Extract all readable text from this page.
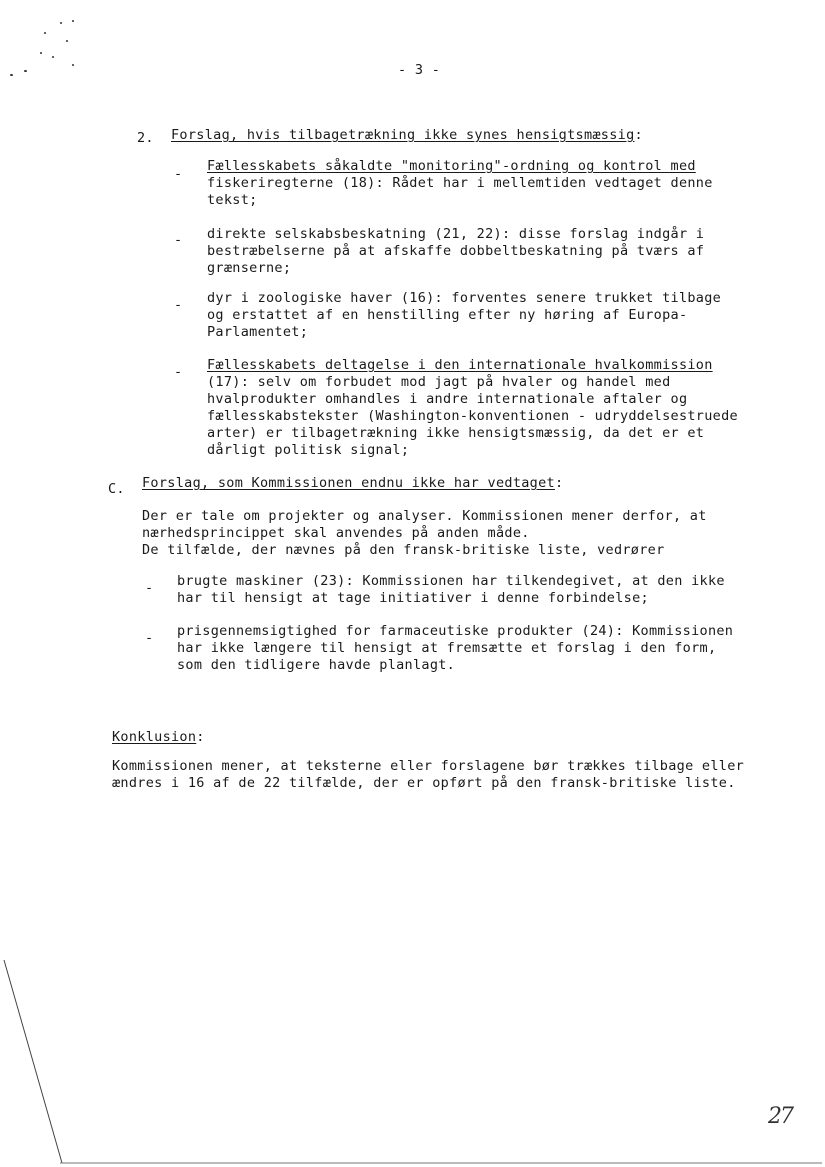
- 3 -
2. Forslag, hvis tilbagetrækning ikke synes hensigtsmæssig:
- Fællesskabets såkaldte "monitoring"-ordning og kontrol med
fiskeriregterne (18): Rådet har i mellemtiden vedtaget denne
tekst;
- direkte selskabsbeskatning (21, 22): disse forslag indgår i
bestræbelserne på at afskaffe dobbeltbeskatning på tværs af
grænserne;
- dyr i zoologiske haver (16): forventes senere trukket tilbage
og erstattet af en henstilling efter ny høring af Europa-
Parlamentet;
- Fællesskabets deltagelse i den internationale hvalkommission
(17): selv om forbudet mod jagt på hvaler og handel med
hvalprodukter omhandles i andre internationale aftaler og
fællesskabstekster (Washington-konventionen - udryddelsestruede
arter) er tilbagetrækning ikke hensigtsmæssig, da det er et
dårligt politisk signal;
C. Forslag, som Kommissionen endnu ikke har vedtaget:
Der er tale om projekter og analyser. Kommissionen mener derfor, at
nærhedsprincippet skal anvendes på anden måde.
De tilfælde, der nævnes på den fransk-britiske liste, vedrører
- brugte maskiner (23): Kommissionen har tilkendegivet, at den ikke
har til hensigt at tage initiativer i denne forbindelse;
- prisgennemsigtighed for farmaceutiske produkter (24): Kommissionen
har ikke længere til hensigt at fremsætte et forslag i den form,
som den tidligere havde planlagt.
Konklusion:
Kommissionen mener, at teksterne eller forslagene bør trækkes tilbage eller
ændres i 16 af de 22 tilfælde, der er opført på den fransk-britiske liste.
27
